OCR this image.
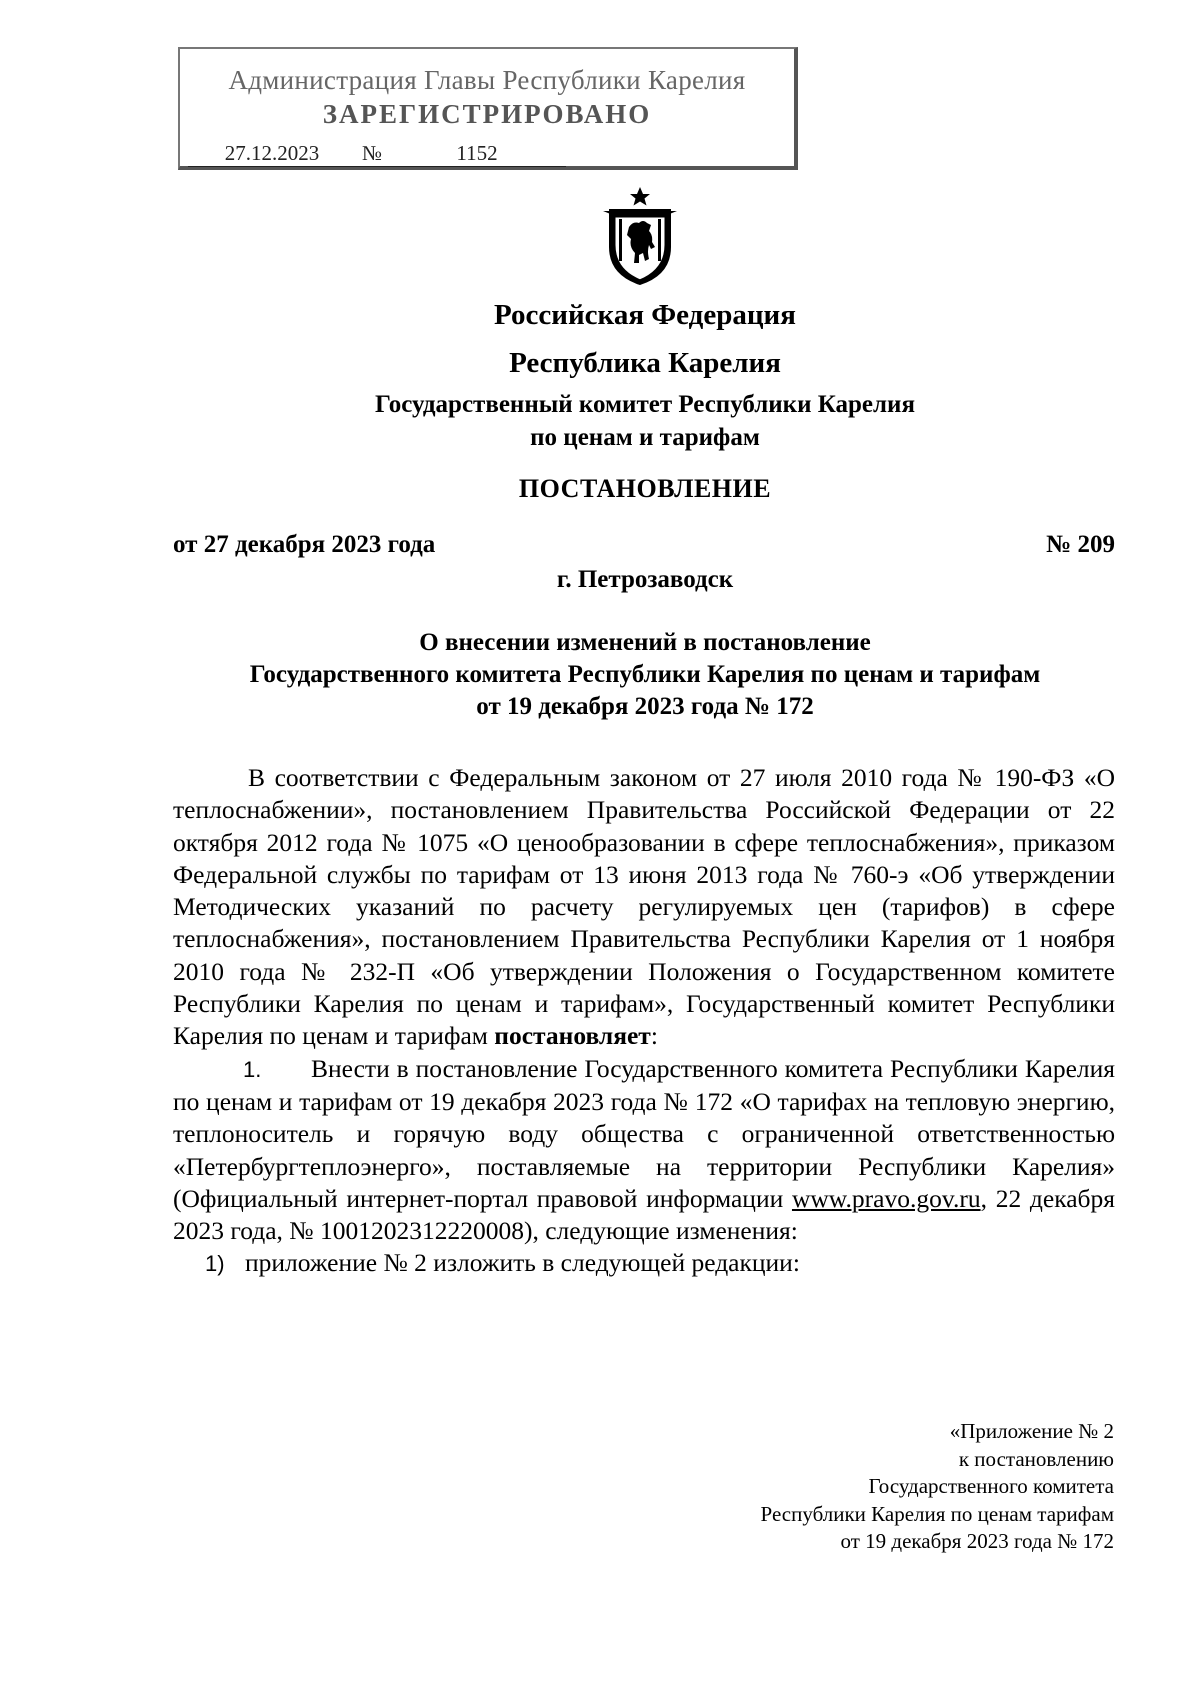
Администрация Главы Республики Карелия
ЗАРЕГИСТРИРОВАНО
27.12.2023 №	1152
Российская Федерация
Республика Карелия
Государственный комитет Республики Карелия
по ценам и тарифам
ПОСТАНОВЛЕНИЕ
от 27 декабря 2023 года	№ 209
г. Петрозаводск
О внесении изменений в постановление
Государственного комитета Республики Карелия по ценам и тарифам
от 19 декабря 2023 года № 172

В соответствии с Федеральным законом от 27 июля 2010 года № 190-ФЗ «О теплоснабжении», постановлением Правительства Российской Федерации от 22 октября 2012 года № 1075 «О ценообразовании в сфере теплоснабжения», приказом Федеральной службы по тарифам от 13 июня 2013 года № 760-э «Об утверждении Методических указаний по расчету регулируемых цен (тарифов) в сфере теплоснабжения», постановлением Правительства Республики Карелия от 1 ноября 2010 года № 232-П «Об утверждении Положения о Государственном комитете Республики Карелия по ценам и тарифам», Государственный комитет Республики Карелия по ценам и тарифам постановляет:

1. Внести в постановление Государственного комитета Республики Карелия по ценам и тарифам от 19 декабря 2023 года № 172 «О тарифах на тепловую энергию, теплоноситель и горячую воду общества с ограниченной ответственностью «Петербургтеплоэнерго», поставляемые на территории Республики Карелия» (Официальный интернет-портал правовой информации www.pravo.gov.ru, 22 декабря 2023 года, № 1001202312220008), следующие изменения:

1) приложение № 2 изложить в следующей редакции:

«Приложение № 2
к постановлению
Государственного комитета
Республики Карелия по ценам тарифам
от 19 декабря 2023 года № 172
